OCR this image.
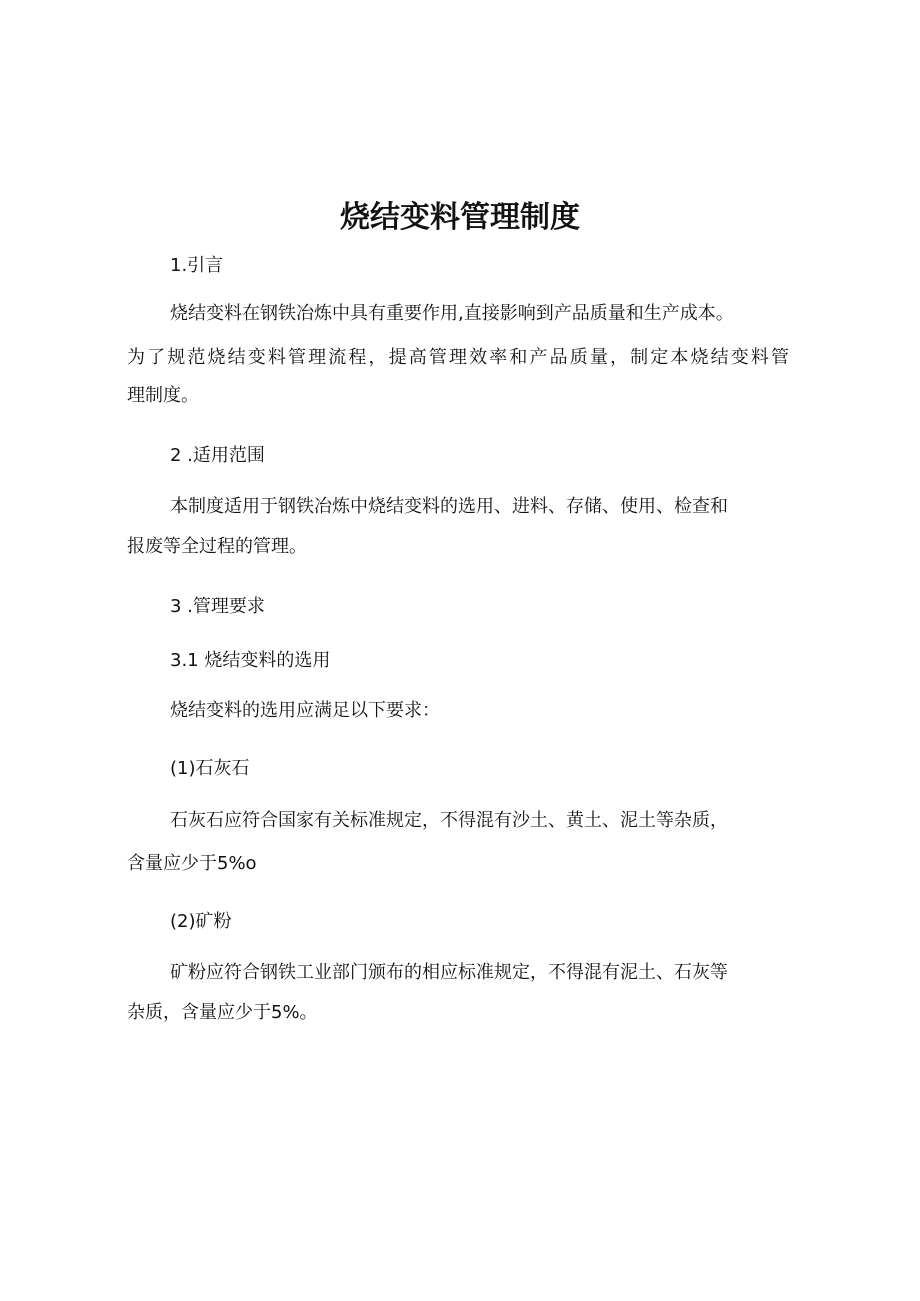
烧结变料管理制度
1.引言
烧结变料在钢铁冶炼中具有重要作用,直接影响到产品质量和生产成本。
为了规范烧结变料管理流程，提高管理效率和产品质量，制定本烧结变料管
理制度。
2 .适用范围
本制度适用于钢铁冶炼中烧结变料的选用、进料、存储、使用、检查和
报废等全过程的管理。
3 .管理要求
3.1 烧结变料的选用
烧结变料的选用应满足以下要求：
(1)石灰石
石灰石应符合国家有关标准规定，不得混有沙土、黄土、泥土等杂质，
含量应少于5%o
(2)矿粉
矿粉应符合钢铁工业部门颁布的相应标准规定，不得混有泥土、石灰等
杂质，含量应少于5%。
